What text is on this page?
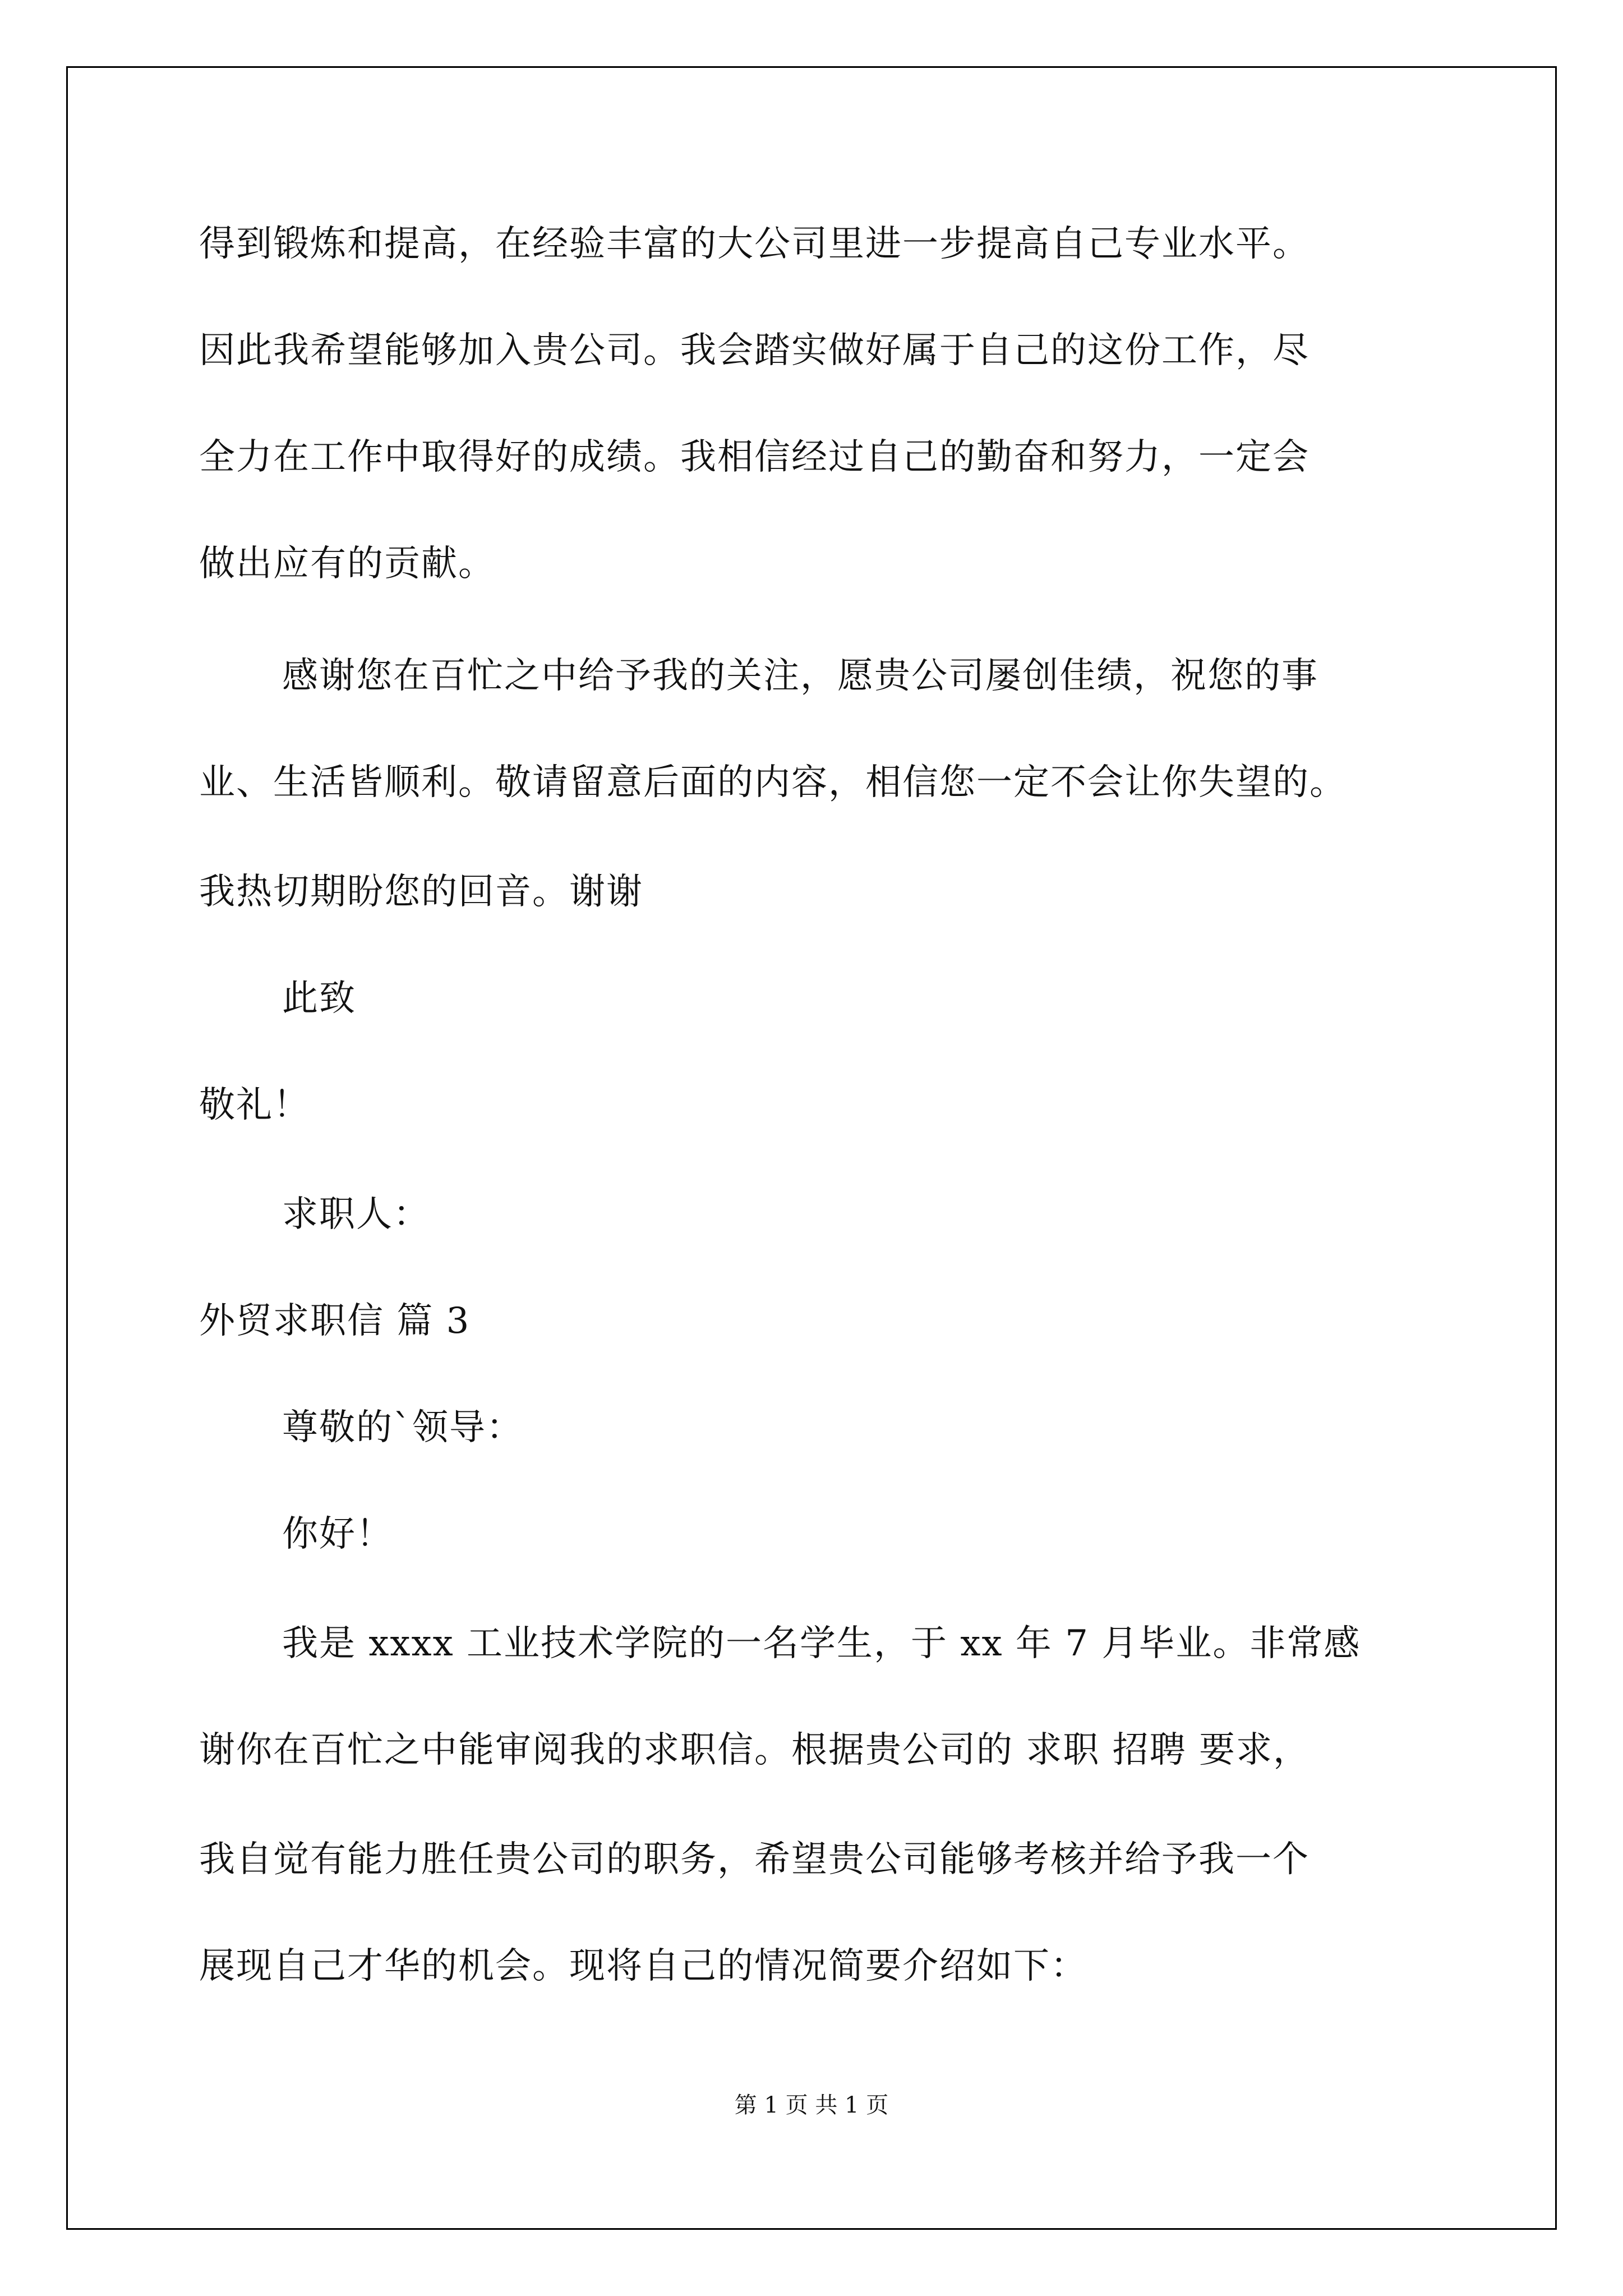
得到锻炼和提高，在经验丰富的大公司里进一步提高自己专业水平。
因此我希望能够加入贵公司。我会踏实做好属于自己的这份工作，尽
全力在工作中取得好的成绩。我相信经过自己的勤奋和努力，一定会
做出应有的贡献。
感谢您在百忙之中给予我的关注，愿贵公司屡创佳绩，祝您的事
业、生活皆顺利。敬请留意后面的内容，相信您一定不会让你失望的。
我热切期盼您的回音。谢谢
此致
敬礼！
求职人：
外贸求职信 篇 3
尊敬的`领导：
你好！
我是 xxxx 工业技术学院的一名学生，于 xx 年 7 月毕业。非常感
谢你在百忙之中能审阅我的求职信。根据贵公司的 求职 招聘 要求，
我自觉有能力胜任贵公司的职务，希望贵公司能够考核并给予我一个
展现自己才华的机会。现将自己的情况简要介绍如下：
第 1 页 共 1 页
